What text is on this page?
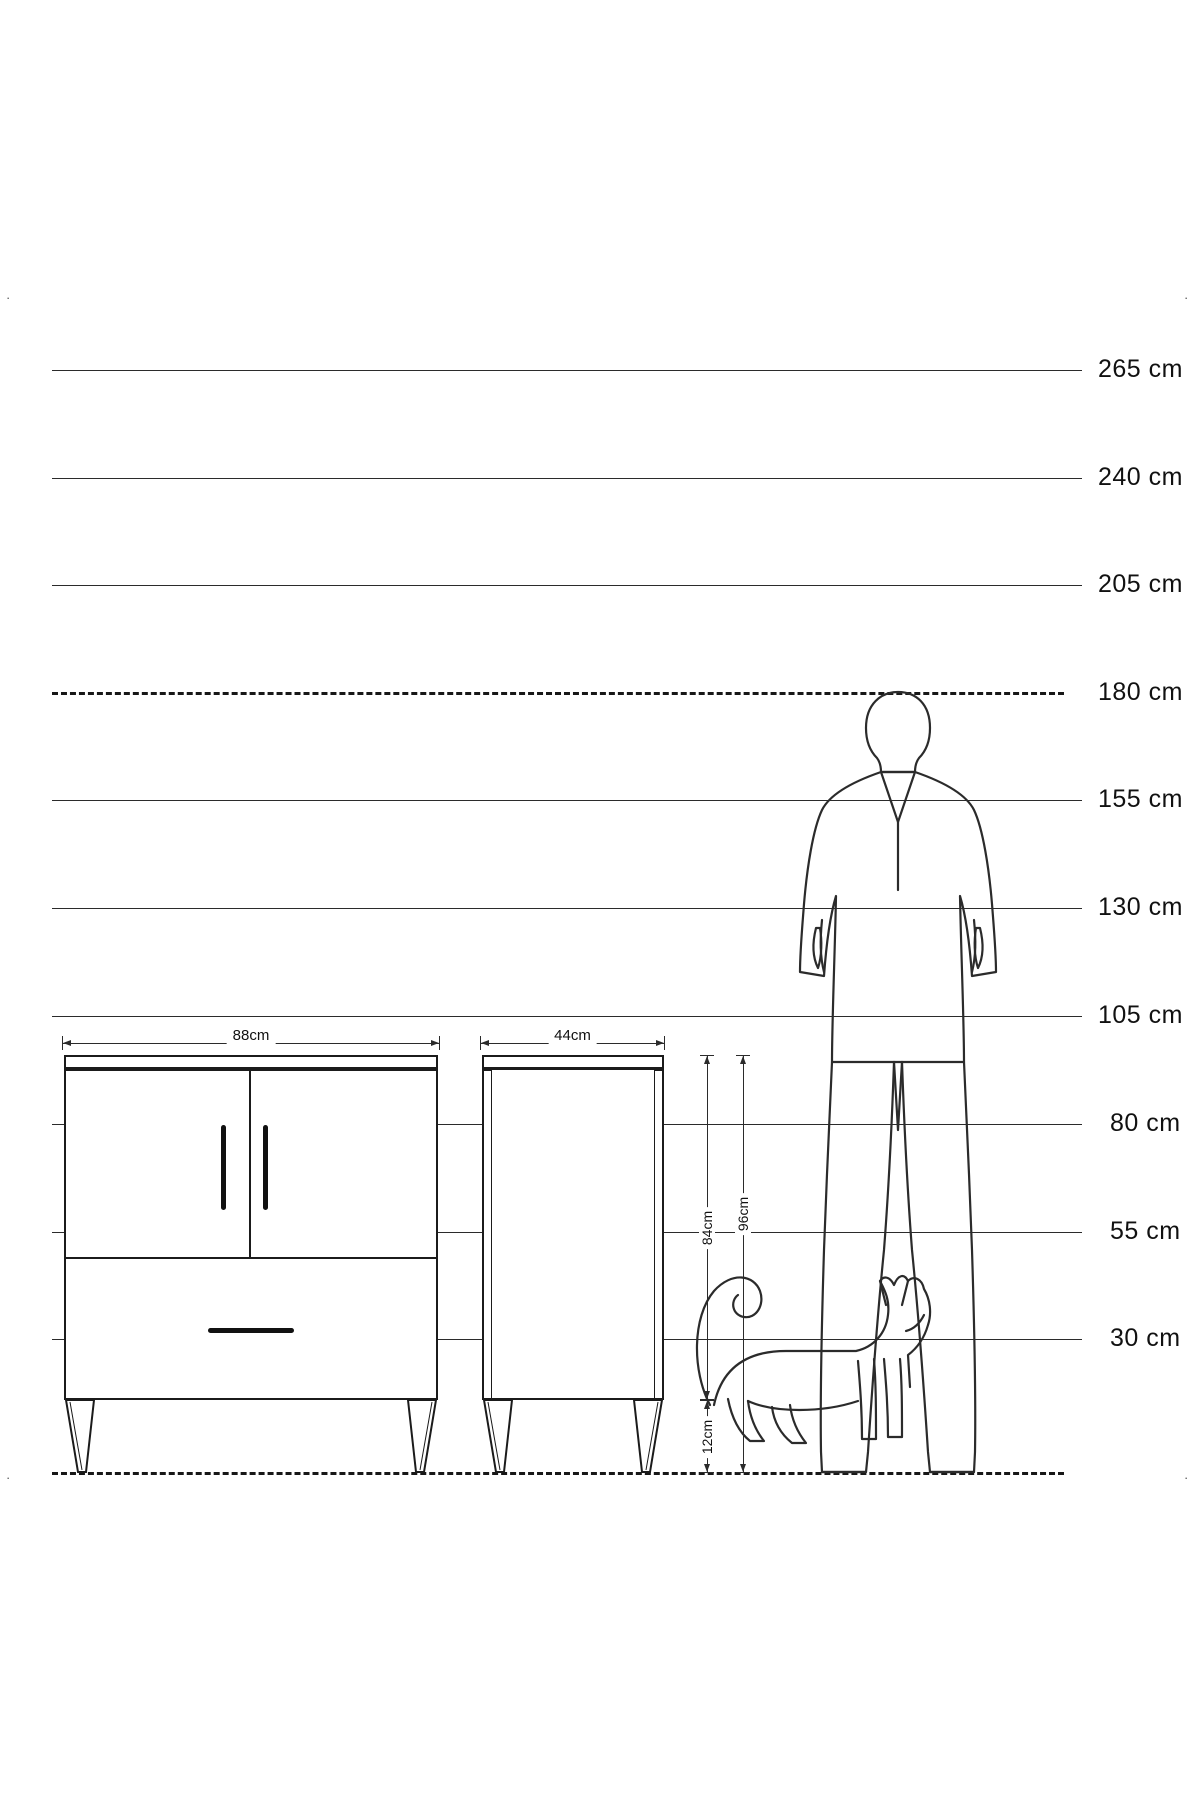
·	·
·	·
265 cm
240 cm
205 cm
180 cm
155 cm
130 cm
105 cm
80 cm
55 cm
30 cm
88cm	44cm
84cm 96cm
12cm
